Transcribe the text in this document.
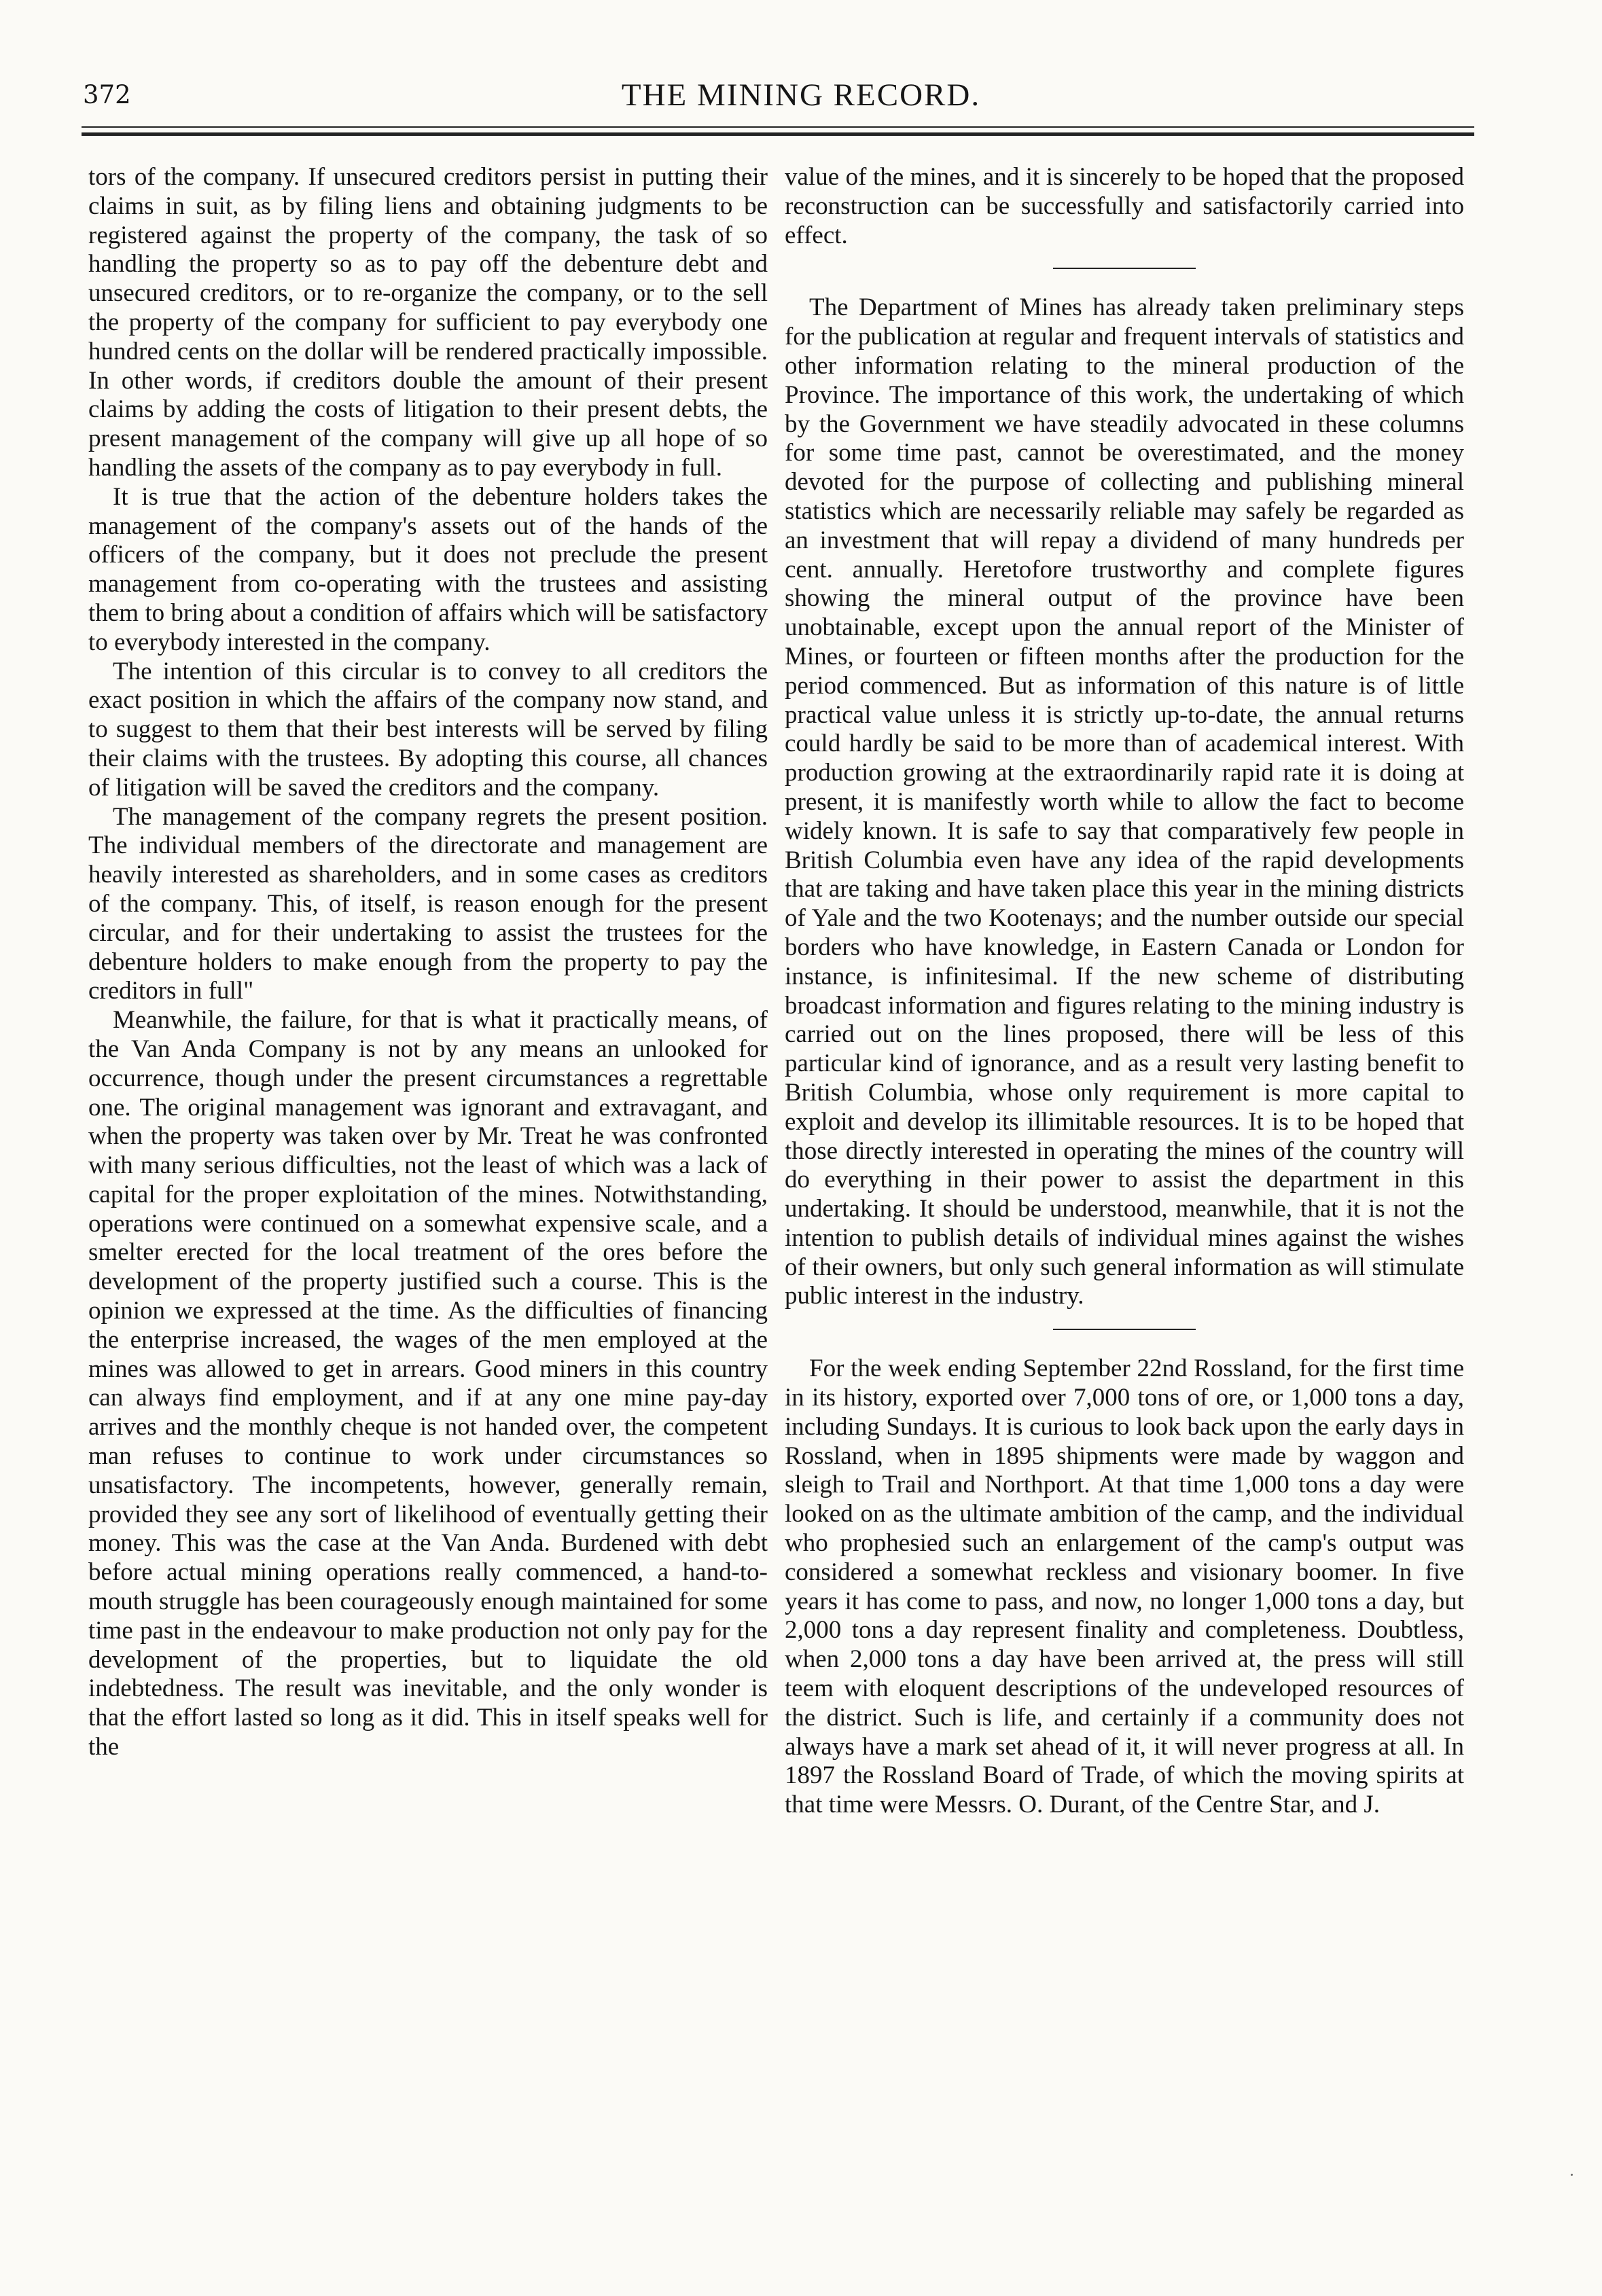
372	THE MINING RECORD.

tors of the company. If unsecured creditors persist in putting their claims in suit, as by filing liens and obtaining judgments to be registered against the property of the company, the task of so handling the property so as to pay off the debenture debt and unsecured creditors, or to re-organize the company, or to the sell the property of the company for sufficient to pay everybody one hundred cents on the dollar will be rendered practically impossible. In other words, if creditors double the amount of their present claims by adding the costs of litigation to their present debts, the present management of the company will give up all hope of so handling the assets of the company as to pay everybody in full.

It is true that the action of the debenture holders takes the management of the company's assets out of the hands of the officers of the company, but it does not preclude the present management from co-operating with the trustees and assisting them to bring about a condition of affairs which will be satisfactory to everybody interested in the company.

The intention of this circular is to convey to all creditors the exact position in which the affairs of the company now stand, and to suggest to them that their best interests will be served by filing their claims with the trustees. By adopting this course, all chances of litigation will be saved the creditors and the company.

The management of the company regrets the present position. The individual members of the directorate and management are heavily interested as shareholders, and in some cases as creditors of the company. This, of itself, is reason enough for the present circular, and for their undertaking to assist the trustees for the debenture holders to make enough from the property to pay the creditors in full"

Meanwhile, the failure, for that is what it practically means, of the Van Anda Company is not by any means an unlooked for occurrence, though under the present circumstances a regrettable one. The original management was ignorant and extravagant, and when the property was taken over by Mr. Treat he was confronted with many serious difficulties, not the least of which was a lack of capital for the proper exploitation of the mines. Notwithstanding, operations were continued on a somewhat expensive scale, and a smelter erected for the local treatment of the ores before the development of the property justified such a course. This is the opinion we expressed at the time. As the difficulties of financing the enterprise increased, the wages of the men employed at the mines was allowed to get in arrears. Good miners in this country can always find employment, and if at any one mine pay-day arrives and the monthly cheque is not handed over, the competent man refuses to continue to work under circumstances so unsatisfactory. The incompetents, however, generally remain, provided they see any sort of likelihood of eventually getting their money. This was the case at the Van Anda. Burdened with debt before actual mining operations really commenced, a hand-to-mouth struggle has been courageously enough maintained for some time past in the endeavour to make production not only pay for the development of the properties, but to liquidate the old indebtedness. The result was inevitable, and the only wonder is that the effort lasted so long as it did. This in itself speaks well for the

value of the mines, and it is sincerely to be hoped that the proposed reconstruction can be successfully and satisfactorily carried into effect.

The Department of Mines has already taken preliminary steps for the publication at regular and frequent intervals of statistics and other information relating to the mineral production of the Province. The importance of this work, the undertaking of which by the Government we have steadily advocated in these columns for some time past, cannot be overestimated, and the money devoted for the purpose of collecting and publishing mineral statistics which are necessarily reliable may safely be regarded as an investment that will repay a dividend of many hundreds per cent. annually. Heretofore trustworthy and complete figures showing the mineral output of the province have been unobtainable, except upon the annual report of the Minister of Mines, or fourteen or fifteen months after the production for the period commenced. But as information of this nature is of little practical value unless it is strictly up-to-date, the annual returns could hardly be said to be more than of academical interest. With production growing at the extraordinarily rapid rate it is doing at present, it is manifestly worth while to allow the fact to become widely known. It is safe to say that comparatively few people in British Columbia even have any idea of the rapid developments that are taking and have taken place this year in the mining districts of Yale and the two Kootenays; and the number outside our special borders who have knowledge, in Eastern Canada or London for instance, is infinitesimal. If the new scheme of distributing broadcast information and figures relating to the mining industry is carried out on the lines proposed, there will be less of this particular kind of ignorance, and as a result very lasting benefit to British Columbia, whose only requirement is more capital to exploit and develop its illimitable resources. It is to be hoped that those directly interested in operating the mines of the country will do everything in their power to assist the department in this undertaking. It should be understood, meanwhile, that it is not the intention to publish details of individual mines against the wishes of their owners, but only such general information as will stimulate public interest in the industry.

For the week ending September 22nd Rossland, for the first time in its history, exported over 7,000 tons of ore, or 1,000 tons a day, including Sundays. It is curious to look back upon the early days in Rossland, when in 1895 shipments were made by waggon and sleigh to Trail and Northport. At that time 1,000 tons a day were looked on as the ultimate ambition of the camp, and the individual who prophesied such an enlargement of the camp's output was considered a somewhat reckless and visionary boomer. In five years it has come to pass, and now, no longer 1,000 tons a day, but 2,000 tons a day represent finality and completeness. Doubtless, when 2,000 tons a day have been arrived at, the press will still teem with eloquent descriptions of the undeveloped resources of the district. Such is life, and certainly if a community does not always have a mark set ahead of it, it will never progress at all. In 1897 the Rossland Board of Trade, of which the moving spirits at that time were Messrs. O. Durant, of the Centre Star, and J.
